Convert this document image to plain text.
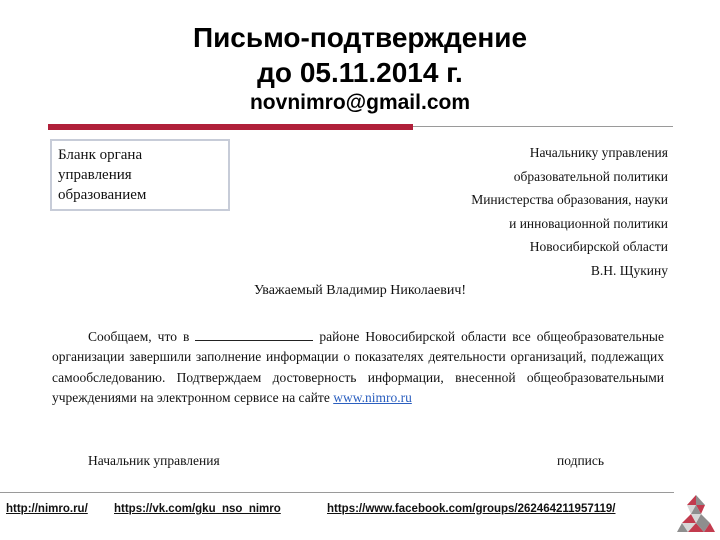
Письмо-подтверждение
до 05.11.2014 г.
novnimro@gmail.com
Бланк органа
управления
образованием
Начальнику управления
образовательной политики
Министерства образования, науки
и инновационной политики
Новосибирской области
В.Н. Щукину
Уважаемый Владимир Николаевич!

Сообщаем, что в	районе Новосибирской области все общеобразовательные организации завершили заполнение информации о показателях деятельности организаций, подлежащих самообследованию. Подтверждаем достоверность информации, внесенной общеобразовательными учреждениями на электронном сервисе на сайте www.nimro.ru

Начальник управления	подпись
http://nimro.ru/ https://vk.com/gku_nso_nimro	https://www.facebook.com/groups/262464211957119/
